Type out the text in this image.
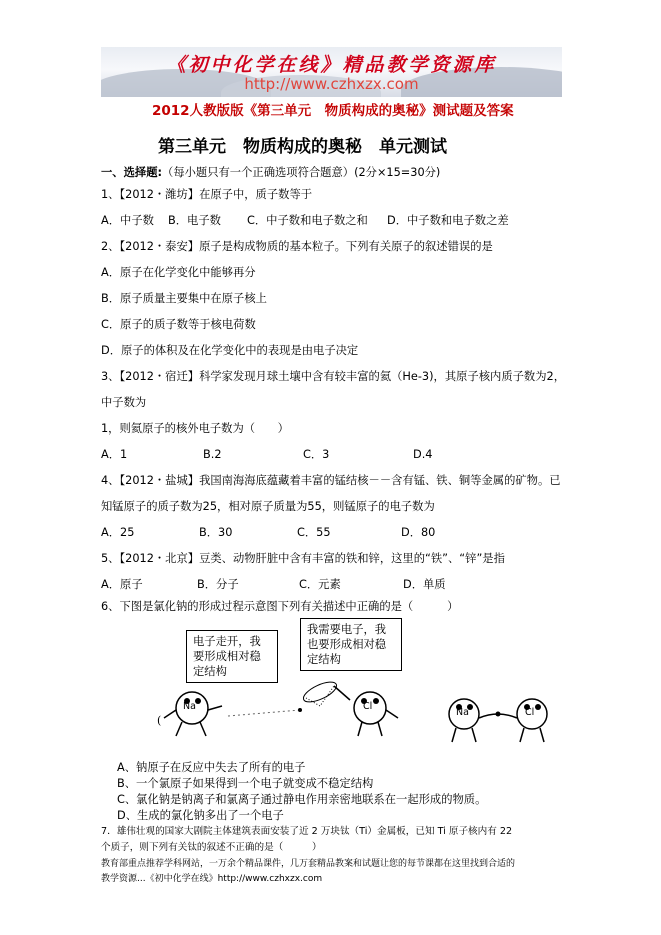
《初中化学在线》精品教学资源库
http://www.czhxzx.com
2012人教版版《第三单元　物质构成的奥秘》测试题及答案
第三单元　物质构成的奥秘　单元测试
一、选择题:（每小题只有一个正确选项符合题意）(2分×15=30分)
1、【2012・潍坊】在原子中，质子数等于
A．中子数 B．电子数 C．中子数和电子数之和 D．中子数和电子数之差
2、【2012・泰安】原子是构成物质的基本粒子。下列有关原子的叙述错误的是
A．原子在化学变化中能够再分
B．原子质量主要集中在原子核上
C．原子的质子数等于核电荷数
D．原子的体积及在化学变化中的表现是由电子决定
3、【2012・宿迁】科学家发现月球土壤中含有较丰富的氦（He-3)，其原子核内质子数为2，
中子数为
1，则氦原子的核外电子数为（　　）
A．1	B.2	C．3	D.4
4、【2012・盐城】我国南海海底蕴藏着丰富的锰结核－－含有锰、铁、铜等金属的矿物。已
知锰原子的质子数为25，相对原子质量为55，则锰原子的电子数为
A．25	B．30	C．55	D．80
5、【2012・北京】豆类、动物肝脏中含有丰富的铁和锌，这里的“铁”、“锌”是指
A．原子	B．分子	C．元素	D．单质
6、下图是氯化钠的形成过程示意图下列有关描述中正确的是（　　　）
Na	Cl
Na	Cl
(
电子走开，我
要形成相对稳
定结构
我需要电子，我
也要形成相对稳
定结构
A、钠原子在反应中失去了所有的电子
B、一个氯原子如果得到一个电子就变成不稳定结构
C、氯化钠是钠离子和氯离子通过静电作用亲密地联系在一起形成的物质。
D、生成的氯化钠多出了一个电子
7．雄伟壮观的国家大剧院主体建筑表面安装了近 2 万块钛（Ti）金属板，已知 Ti 原子核内有 22
个质子，则下列有关钛的叙述不正确的是（　　　）
教育部重点推荐学科网站，一万余个精品课件，几万套精品教案和试题让您的每节课都在这里找到合适的
教学资源...《初中化学在线》http://www.czhxzx.com
